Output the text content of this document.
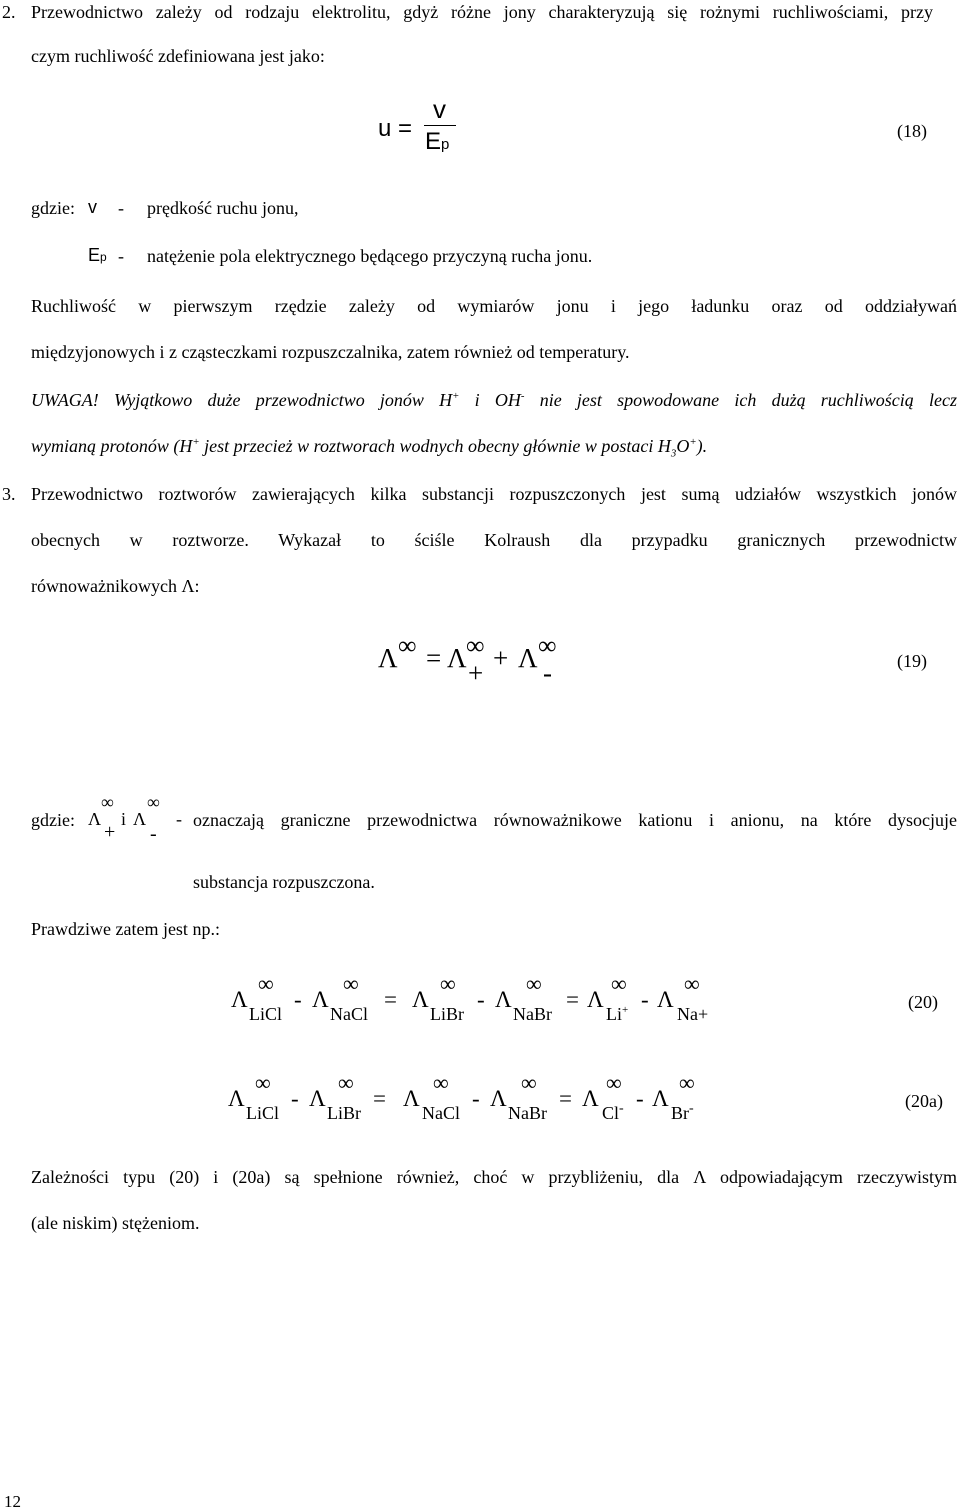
2. Przewodnictwo zależy od rodzaju elektrolitu, gdyż różne jony charakteryzują się rożnymi ruchliwościami, przy
czym ruchliwość zdefiniowana jest jako:
u =
v
Ep
(18)
gdzie: v - prędkość ruchu jonu,
Ep - natężenie pola elektrycznego będącego przyczyną rucha jonu.
Ruchliwość w pierwszym rzędzie zależy od wymiarów jonu i jego ładunku oraz od oddziaływań
międzyjonowych i z cząsteczkami rozpuszczalnika, zatem również od temperatury.
UWAGA! Wyjątkowo duże przewodnictwo jonów H+ i OH- nie jest spowodowane ich dużą ruchliwością lecz
wymianą protonów (H+ jest przecież w roztworach wodnych obecny głównie w postaci $H_3O^+$).
3. Przewodnictwo roztworów zawierających kilka substancji rozpuszczonych jest sumą udziałów wszystkich jonów
obecnych w roztworze. Wykazał to ściśle Kolraush dla przypadku granicznych przewodnictw
równoważnikowych Λ:
Λ ∞ = Λ ∞
+ + Λ ∞
-	(19)
gdzie: Λ
∞
+
i Λ
∞
-
- oznaczają graniczne przewodnictwa równoważnikowe kationu i anionu, na które dysocjuje
substancja rozpuszczona.
Prawdziwe zatem jest np.:
Λ
∞
LiCl
- Λ
∞
NaCl
= Λ
∞
LiBr
- Λ
∞
NaBr
= Λ
∞
Li+ - Λ
∞
Na+
(20)
Λ
∞
LiCl
- Λ
∞
LiBr
= Λ
∞
NaCl
- Λ
∞
NaBr
= Λ
∞
Cl- - Λ
∞
Br-	(20a)
Zależności typu (20) i (20a) są spełnione również, choć w przybliżeniu, dla Λ odpowiadającym rzeczywistym
(ale niskim) stężeniom.
12
